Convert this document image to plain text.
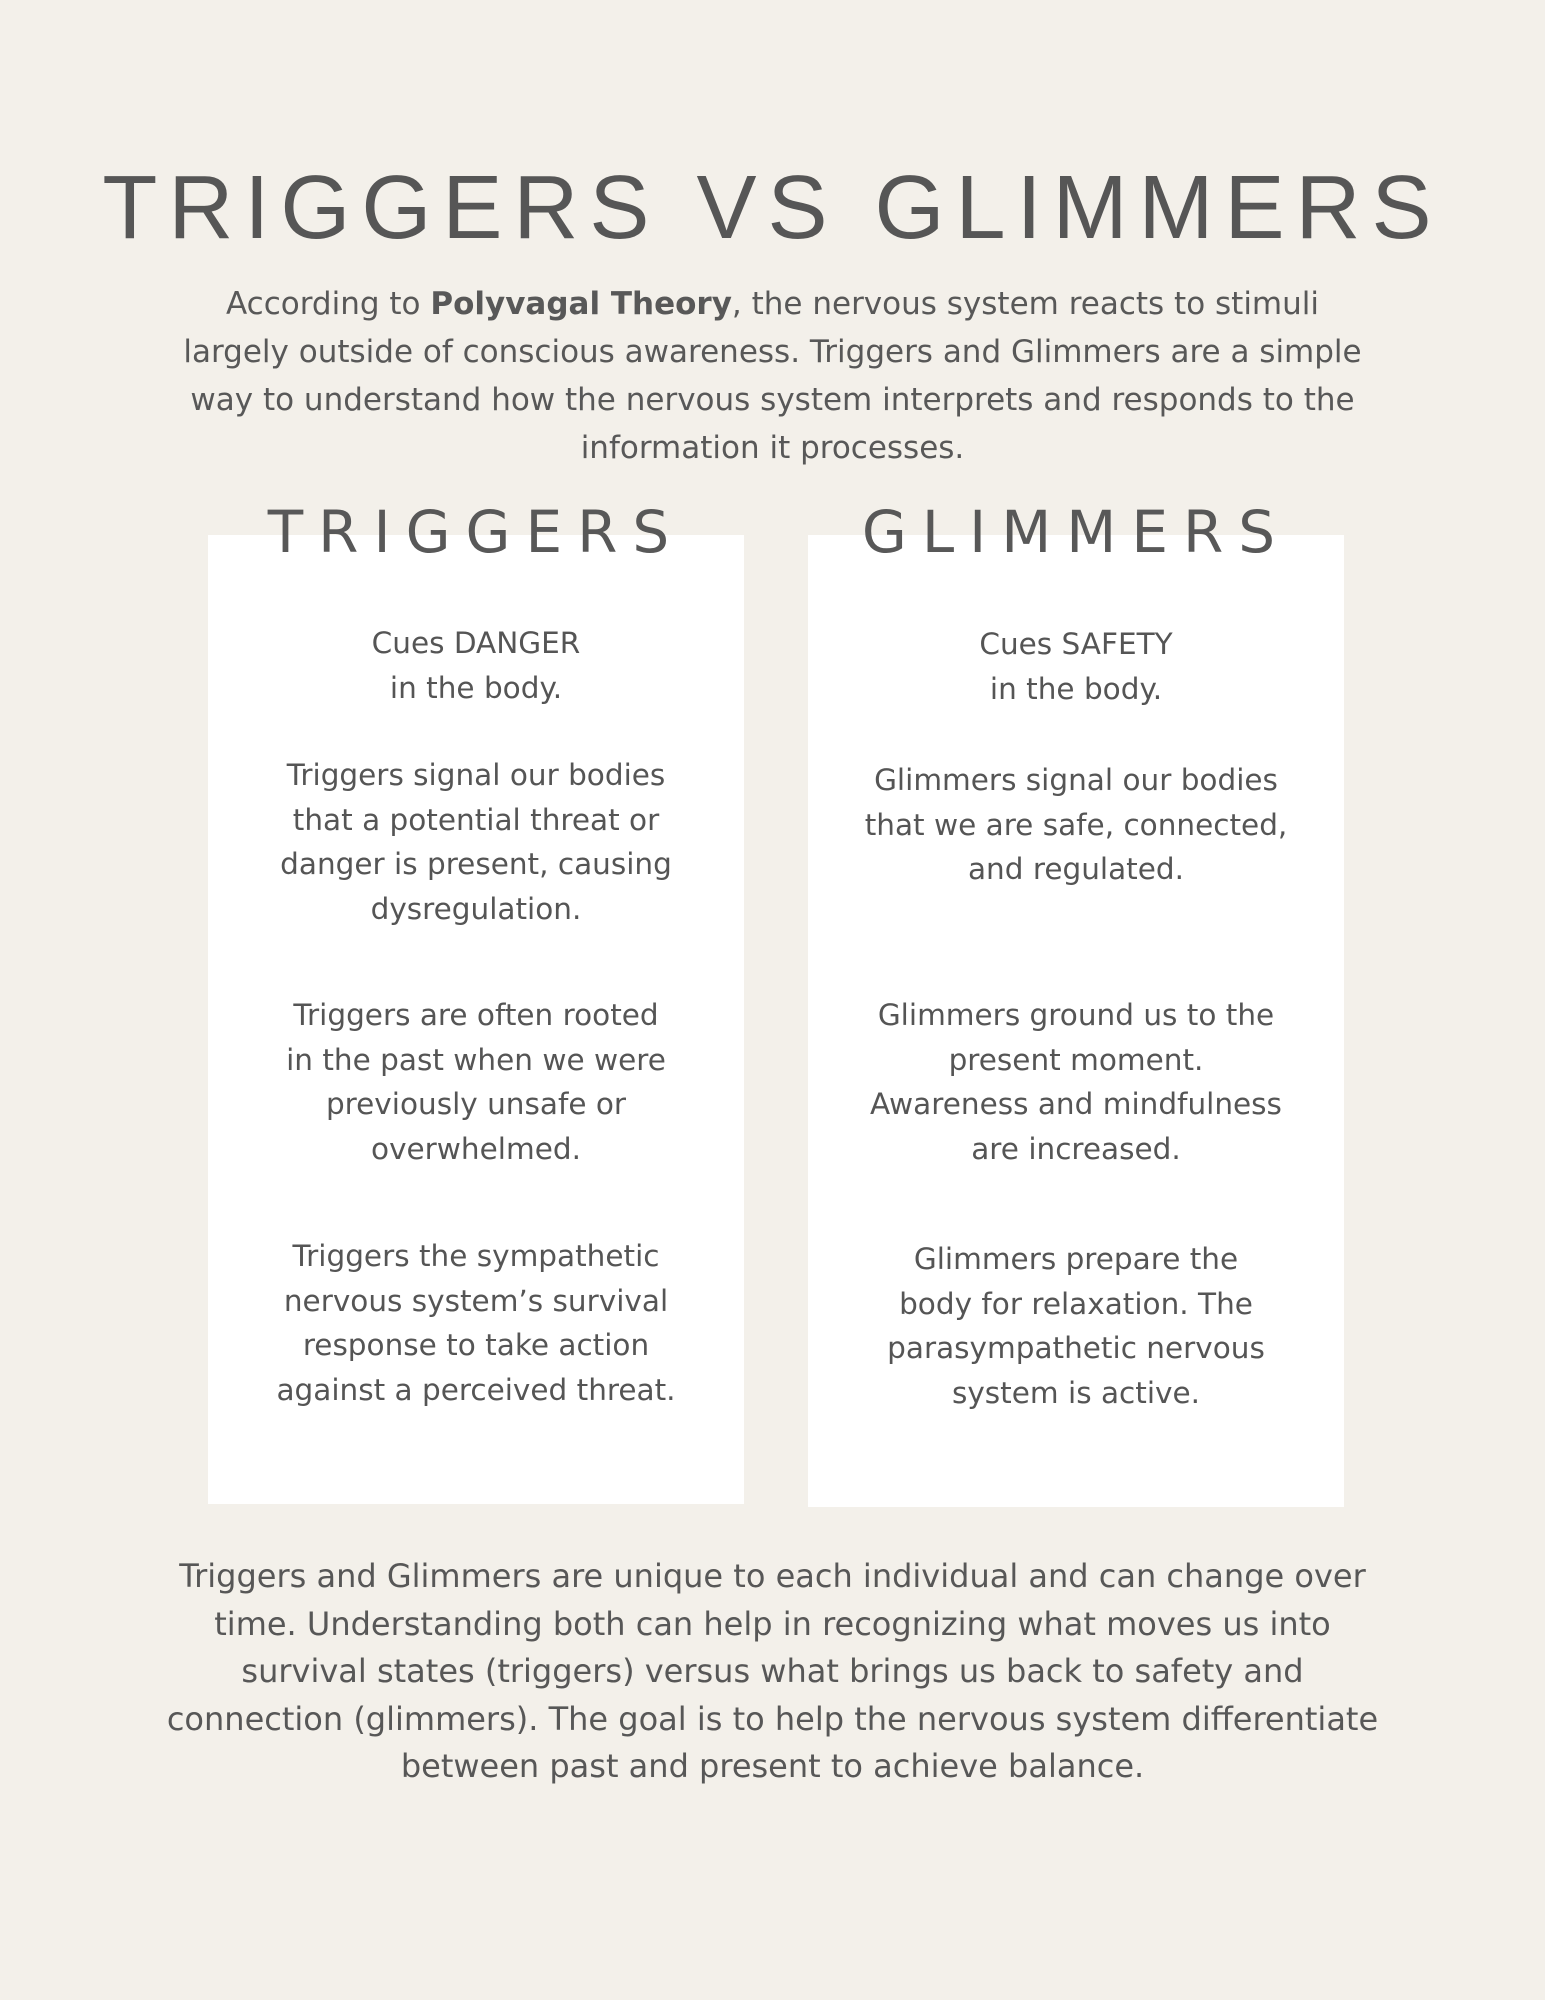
TRIGGERS VS GLIMMERS

According to Polyvagal Theory, the nervous system reacts to stimuli largely outside of conscious awareness. Triggers and Glimmers are a simple way to understand how the nervous system interprets and responds to the information it processes.

TRIGGERS

Cues DANGER
in the body.

Triggers signal our bodies
that a potential threat or
danger is present, causing
dysregulation.

Triggers are often rooted
in the past when we were
previously unsafe or
overwhelmed.

Triggers the sympathetic
nervous system’s survival
response to take action
against a perceived threat.

GLIMMERS

Cues SAFETY
in the body.

Glimmers signal our bodies
that we are safe, connected,
and regulated.

Glimmers ground us to the
present moment.
Awareness and mindfulness
are increased.

Glimmers prepare the
body for relaxation. The
parasympathetic nervous
system is active.

Triggers and Glimmers are unique to each individual and can change over time. Understanding both can help in recognizing what moves us into survival states (triggers) versus what brings us back to safety and connection (glimmers). The goal is to help the nervous system differentiate between past and present to achieve balance.
